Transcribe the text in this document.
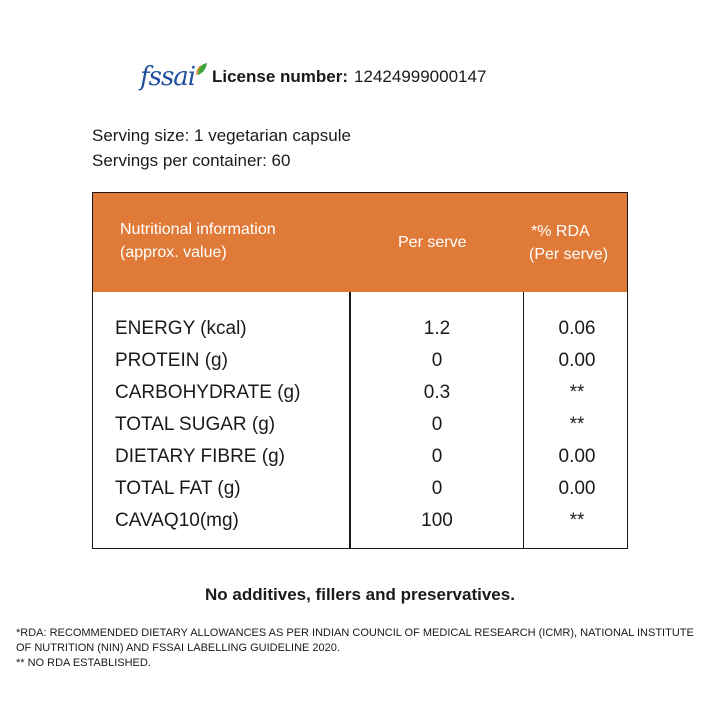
fssai License number: 12424999000147
Serving size: 1 vegetarian capsule
Servings per container: 60
Nutritional information
(approx. value)
Per serve
*% RDA
(Per serve)
ENERGY (kcal)
PROTEIN (g)
CARBOHYDRATE (g)
TOTAL SUGAR (g)
DIETARY FIBRE (g)
TOTAL FAT (g)
CAVAQ10(mg)
1.2
0
0.3
0
0
0
100
0.06
0.00
**
**
0.00
0.00
**
No additives, fillers and preservatives.
*RDA: RECOMMENDED DIETARY ALLOWANCES AS PER INDIAN COUNCIL OF MEDICAL RESEARCH (ICMR), NATIONAL INSTITUTE OF NUTRITION (NIN) AND FSSAI LABELLING GUIDELINE 2020.
** NO RDA ESTABLISHED.
